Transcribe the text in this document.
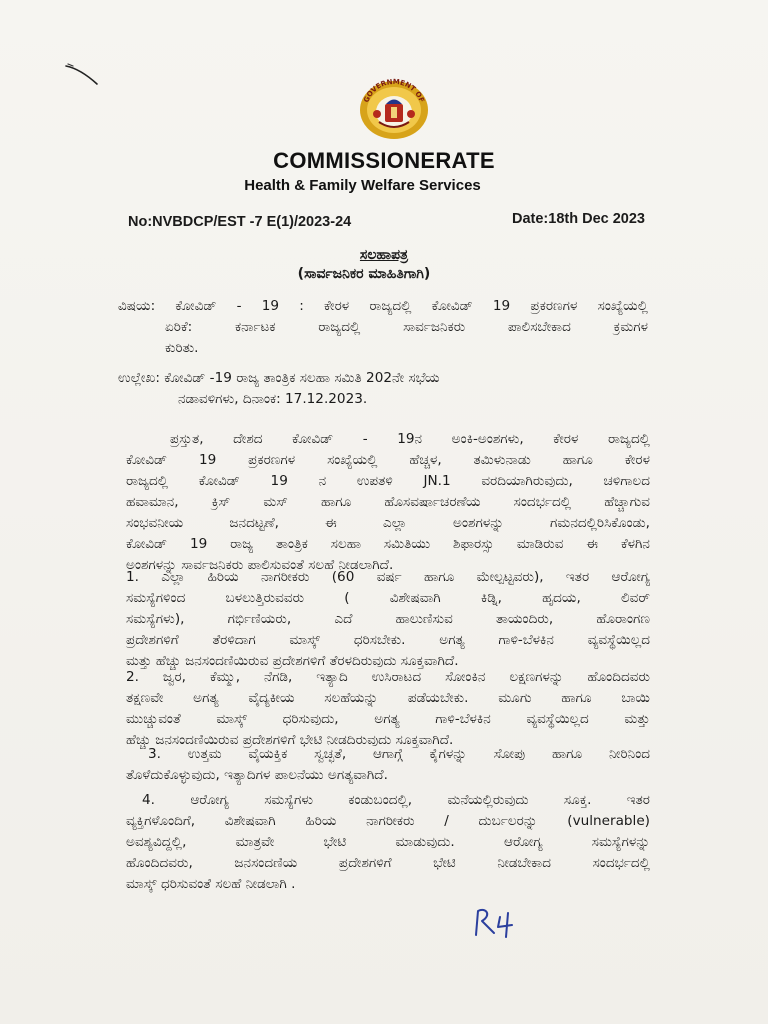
GOVERNMENT OF
COMMISSIONERATE
Health & Family Welfare Services
No:NVBDCP/EST -7 E(1)/2023-24	Date:18th Dec 2023
ಸಲಹಾಪತ್ರ
(ಸಾರ್ವಜನಿಕರ ಮಾಹಿತಿಗಾಗಿ)
ವಿಷಯ: ಕೋವಿಡ್ - 19 : ಕೇರಳ ರಾಜ್ಯದಲ್ಲಿ ಕೋವಿಡ್ 19 ಪ್ರಕರಣಗಳ ಸಂಖ್ಯೆಯಲ್ಲಿ
ಏರಿಕೆ: ಕರ್ನಾಟಕ ರಾಜ್ಯದಲ್ಲಿ ಸಾರ್ವಜನಿಕರು ಪಾಲಿಸಬೇಕಾದ ಕ್ರಮಗಳ
ಕುರಿತು.
ಉಲ್ಲೇಖ: ಕೋವಿಡ್ -19 ರಾಜ್ಯ ತಾಂತ್ರಿಕ ಸಲಹಾ ಸಮಿತಿ 202ನೇ ಸಭೆಯ
ನಡಾವಳಿಗಳು, ದಿನಾಂಕ: 17.12.2023.
ಪ್ರಸ್ತುತ, ದೇಶದ ಕೋವಿಡ್ - 19ನ ಅಂಕಿ-ಅಂಶಗಳು, ಕೇರಳ ರಾಜ್ಯದಲ್ಲಿ
ಕೋವಿಡ್ 19 ಪ್ರಕರಣಗಳ ಸಂಖ್ಯೆಯಲ್ಲಿ ಹೆಚ್ಚಳ, ತಮಿಳುನಾಡು ಹಾಗೂ ಕೇರಳ
ರಾಜ್ಯದಲ್ಲಿ ಕೋವಿಡ್ 19 ನ ಉಪತಳಿ JN.1 ವರದಿಯಾಗಿರುವುದು, ಚಳಿಗಾಲದ
ಹವಾಮಾನ, ಕ್ರಿಸ್ ಮಸ್ ಹಾಗೂ ಹೊಸವರ್ಷಾಚರಣೆಯ ಸಂದರ್ಭದಲ್ಲಿ ಹೆಚ್ಚಾಗುವ
ಸಂಭವನೀಯ ಜನದಟ್ಟಣೆ, ಈ ಎಲ್ಲಾ ಅಂಶಗಳನ್ನು ಗಮನದಲ್ಲಿರಿಸಿಕೊಂಡು,
ಕೋವಿಡ್ 19 ರಾಜ್ಯ ತಾಂತ್ರಿಕ ಸಲಹಾ ಸಮಿತಿಯು ಶಿಫಾರಸ್ಸು ಮಾಡಿರುವ ಈ ಕೆಳಗಿನ
ಅಂಶಗಳನ್ನು ಸಾರ್ವಜನಿಕರು ಪಾಲಿಸುವಂತೆ ಸಲಹೆ ನೀಡಲಾಗಿದೆ.
1. ಎಲ್ಲಾ ಹಿರಿಯ ನಾಗರೀಕರು (60 ವರ್ಷ ಹಾಗೂ ಮೇಲ್ಪಟ್ಟವರು), ಇತರ ಆರೋಗ್ಯ
ಸಮಸ್ಯೆಗಳಿಂದ ಬಳಲುತ್ತಿರುವವರು ( ವಿಶೇಷವಾಗಿ ಕಿಡ್ನಿ, ಹೃದಯ, ಲಿವರ್
ಸಮಸ್ಯೆಗಳು), ಗರ್ಭಿಣಿಯರು, ಎದೆ ಹಾಲುಣಿಸುವ ತಾಯಂದಿರು, ಹೊರಾಂಗಣ
ಪ್ರದೇಶಗಳಿಗೆ ತೆರಳಿದಾಗ ಮಾಸ್ಕ್ ಧರಿಸಬೇಕು. ಅಗತ್ಯ ಗಾಳಿ-ಬೆಳಕಿನ ವ್ಯವಸ್ಥೆಯಿಲ್ಲದ
ಮತ್ತು ಹೆಚ್ಚು ಜನಸಂದಣಿಯಿರುವ ಪ್ರದೇಶಗಳಿಗೆ ತೆರಳದಿರುವುದು ಸೂಕ್ತವಾಗಿದೆ.
2. ಜ್ವರ, ಕೆಮ್ಮು, ನೆಗಡಿ, ಇತ್ಯಾದಿ ಉಸಿರಾಟದ ಸೋಂಕಿನ ಲಕ್ಷಣಗಳನ್ನು ಹೊಂದಿದವರು
ತಕ್ಷಣವೇ ಅಗತ್ಯ ವೈದ್ಯಕೀಯ ಸಲಹೆಯನ್ನು ಪಡೆಯಬೇಕು. ಮೂಗು ಹಾಗೂ ಬಾಯಿ
ಮುಚ್ಚುವಂತೆ ಮಾಸ್ಕ್ ಧರಿಸುವುದು, ಅಗತ್ಯ ಗಾಳಿ-ಬೆಳಕಿನ ವ್ಯವಸ್ಥೆಯಿಲ್ಲದ ಮತ್ತು
ಹೆಚ್ಚು ಜನಸಂದಣಿಯಿರುವ ಪ್ರದೇಶಗಳಿಗೆ ಭೇಟಿ ನೀಡದಿರುವುದು ಸೂಕ್ತವಾಗಿದೆ.
3. ಉತ್ತಮ ವೈಯಕ್ತಿಕ ಸ್ವಚ್ಛತೆ, ಆಗಾಗ್ಗೆ ಕೈಗಳನ್ನು ಸೋಪು ಹಾಗೂ ನೀರಿನಿಂದ
ತೊಳೆದುಕೊಳ್ಳುವುದು, ಇತ್ಯಾದಿಗಳ ಪಾಲನೆಯು ಅಗತ್ಯವಾಗಿದೆ.
4. ಆರೋಗ್ಯ ಸಮಸ್ಯೆಗಳು ಕಂಡುಬಂದಲ್ಲಿ, ಮನೆಯಲ್ಲಿರುವುದು ಸೂಕ್ತ. ಇತರ
ವ್ಯಕ್ತಿಗಳೊಂದಿಗೆ, ವಿಶೇಷವಾಗಿ ಹಿರಿಯ ನಾಗರೀಕರು / ದುರ್ಬಲರನ್ನು (vulnerable)
ಅವಶ್ಯವಿದ್ದಲ್ಲಿ, ಮಾತ್ರವೇ ಭೇಟಿ ಮಾಡುವುದು. ಆರೋಗ್ಯ ಸಮಸ್ಯೆಗಳನ್ನು
ಹೊಂದಿದವರು, ಜನಸಂದಣಿಯ ಪ್ರದೇಶಗಳಿಗೆ ಭೇಟಿ ನೀಡಬೇಕಾದ ಸಂದರ್ಭದಲ್ಲಿ
ಮಾಸ್ಕ್ ಧರಿಸುವಂತೆ ಸಲಹೆ ನೀಡಲಾಗಿ .
